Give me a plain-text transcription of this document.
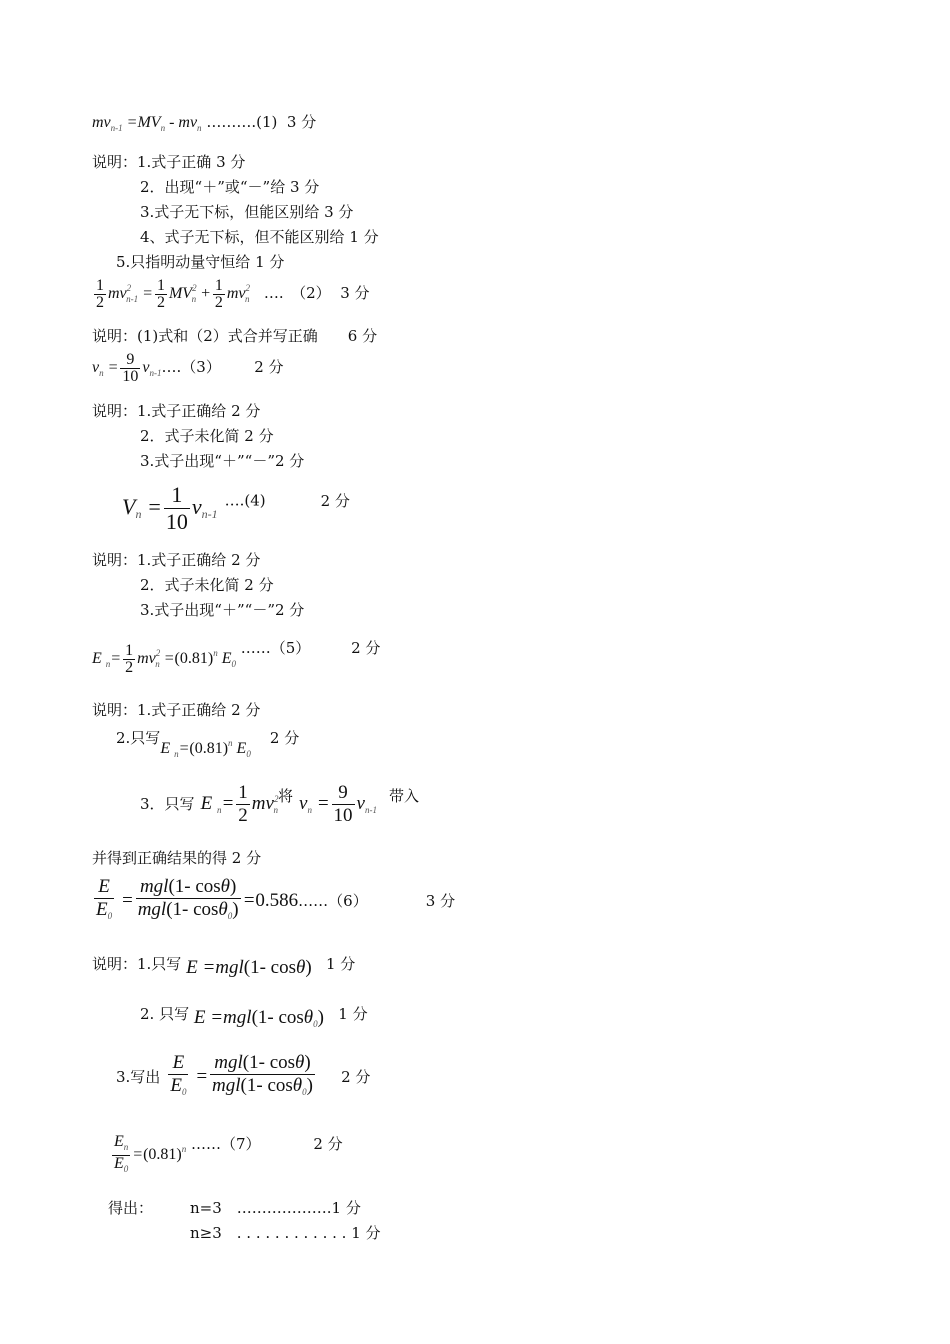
$mv_{n-1} =MV_n - mv_n$ ……….(1) 3 分
说明：1.式子正确 3 分
2．出现“＋”或“－”给 3 分
3.式子无下标，但能区别给 3 分
4、式子无下标，但不能区别给 1 分
5.只指明动量守恒给 1 分
$\frac{1}{2} mv^2_{n-1} = \frac{1}{2} MV^2_n + \frac{1}{2} mv^2_n$ ….　（2） 3 分
说明：(1)式和（2）式合并写正确　　6 分
$v_n = \frac{9}{10}$ $v_{n-1}\dots.(3)$ 2 分
说明：1.式子正确给 2 分
2．式子未化简 2 分
3.式子出现“＋”“－”2 分
$V_n = \frac{1}{10} v_{n-1}$ $^{\dots.(4)}$	$^{2 分}$
说明：1.式子正确给 2 分
2．式子未化简 2 分
3.式子出现“＋”“－”2 分
E $_n= \frac{1}{2} mv^2_n =(0.81)^n$ $E_0$ ……（5）	2 分
说明：1.式子正确给 2 分
2.只写E $_n=(0.81)^n$ $E_0$    2 分
3．只写 E $_n= \frac{1}{2} mv^2_n^将$ $v_n = \frac{9}{10} v_{n-1}$  $^{带入}$
并得到正确结果的得 2 分
$\frac{E}{E_0} = \frac{\text{mgl(1- cosθ)}}{mgl(1- \cos\theta_0)}$ =0.586……（6）	3 分
说明：1.只写 E =mgl(1- cosθ) 1 分
2. 只写 E =mgl(1- cosθ$_0$) 1 分
3.写出 $\frac{E}{E_0} = \frac{\text{mgl(1- cosθ)}}{mgl(1- \cos\theta_0)} 2$ 分
$\frac{E_n}{E_0} =(0.81)^n$ ……（7）	2 分
得出： n=3　……………….1 分
n≥3　. . . . . . . . . . . . 1 分
